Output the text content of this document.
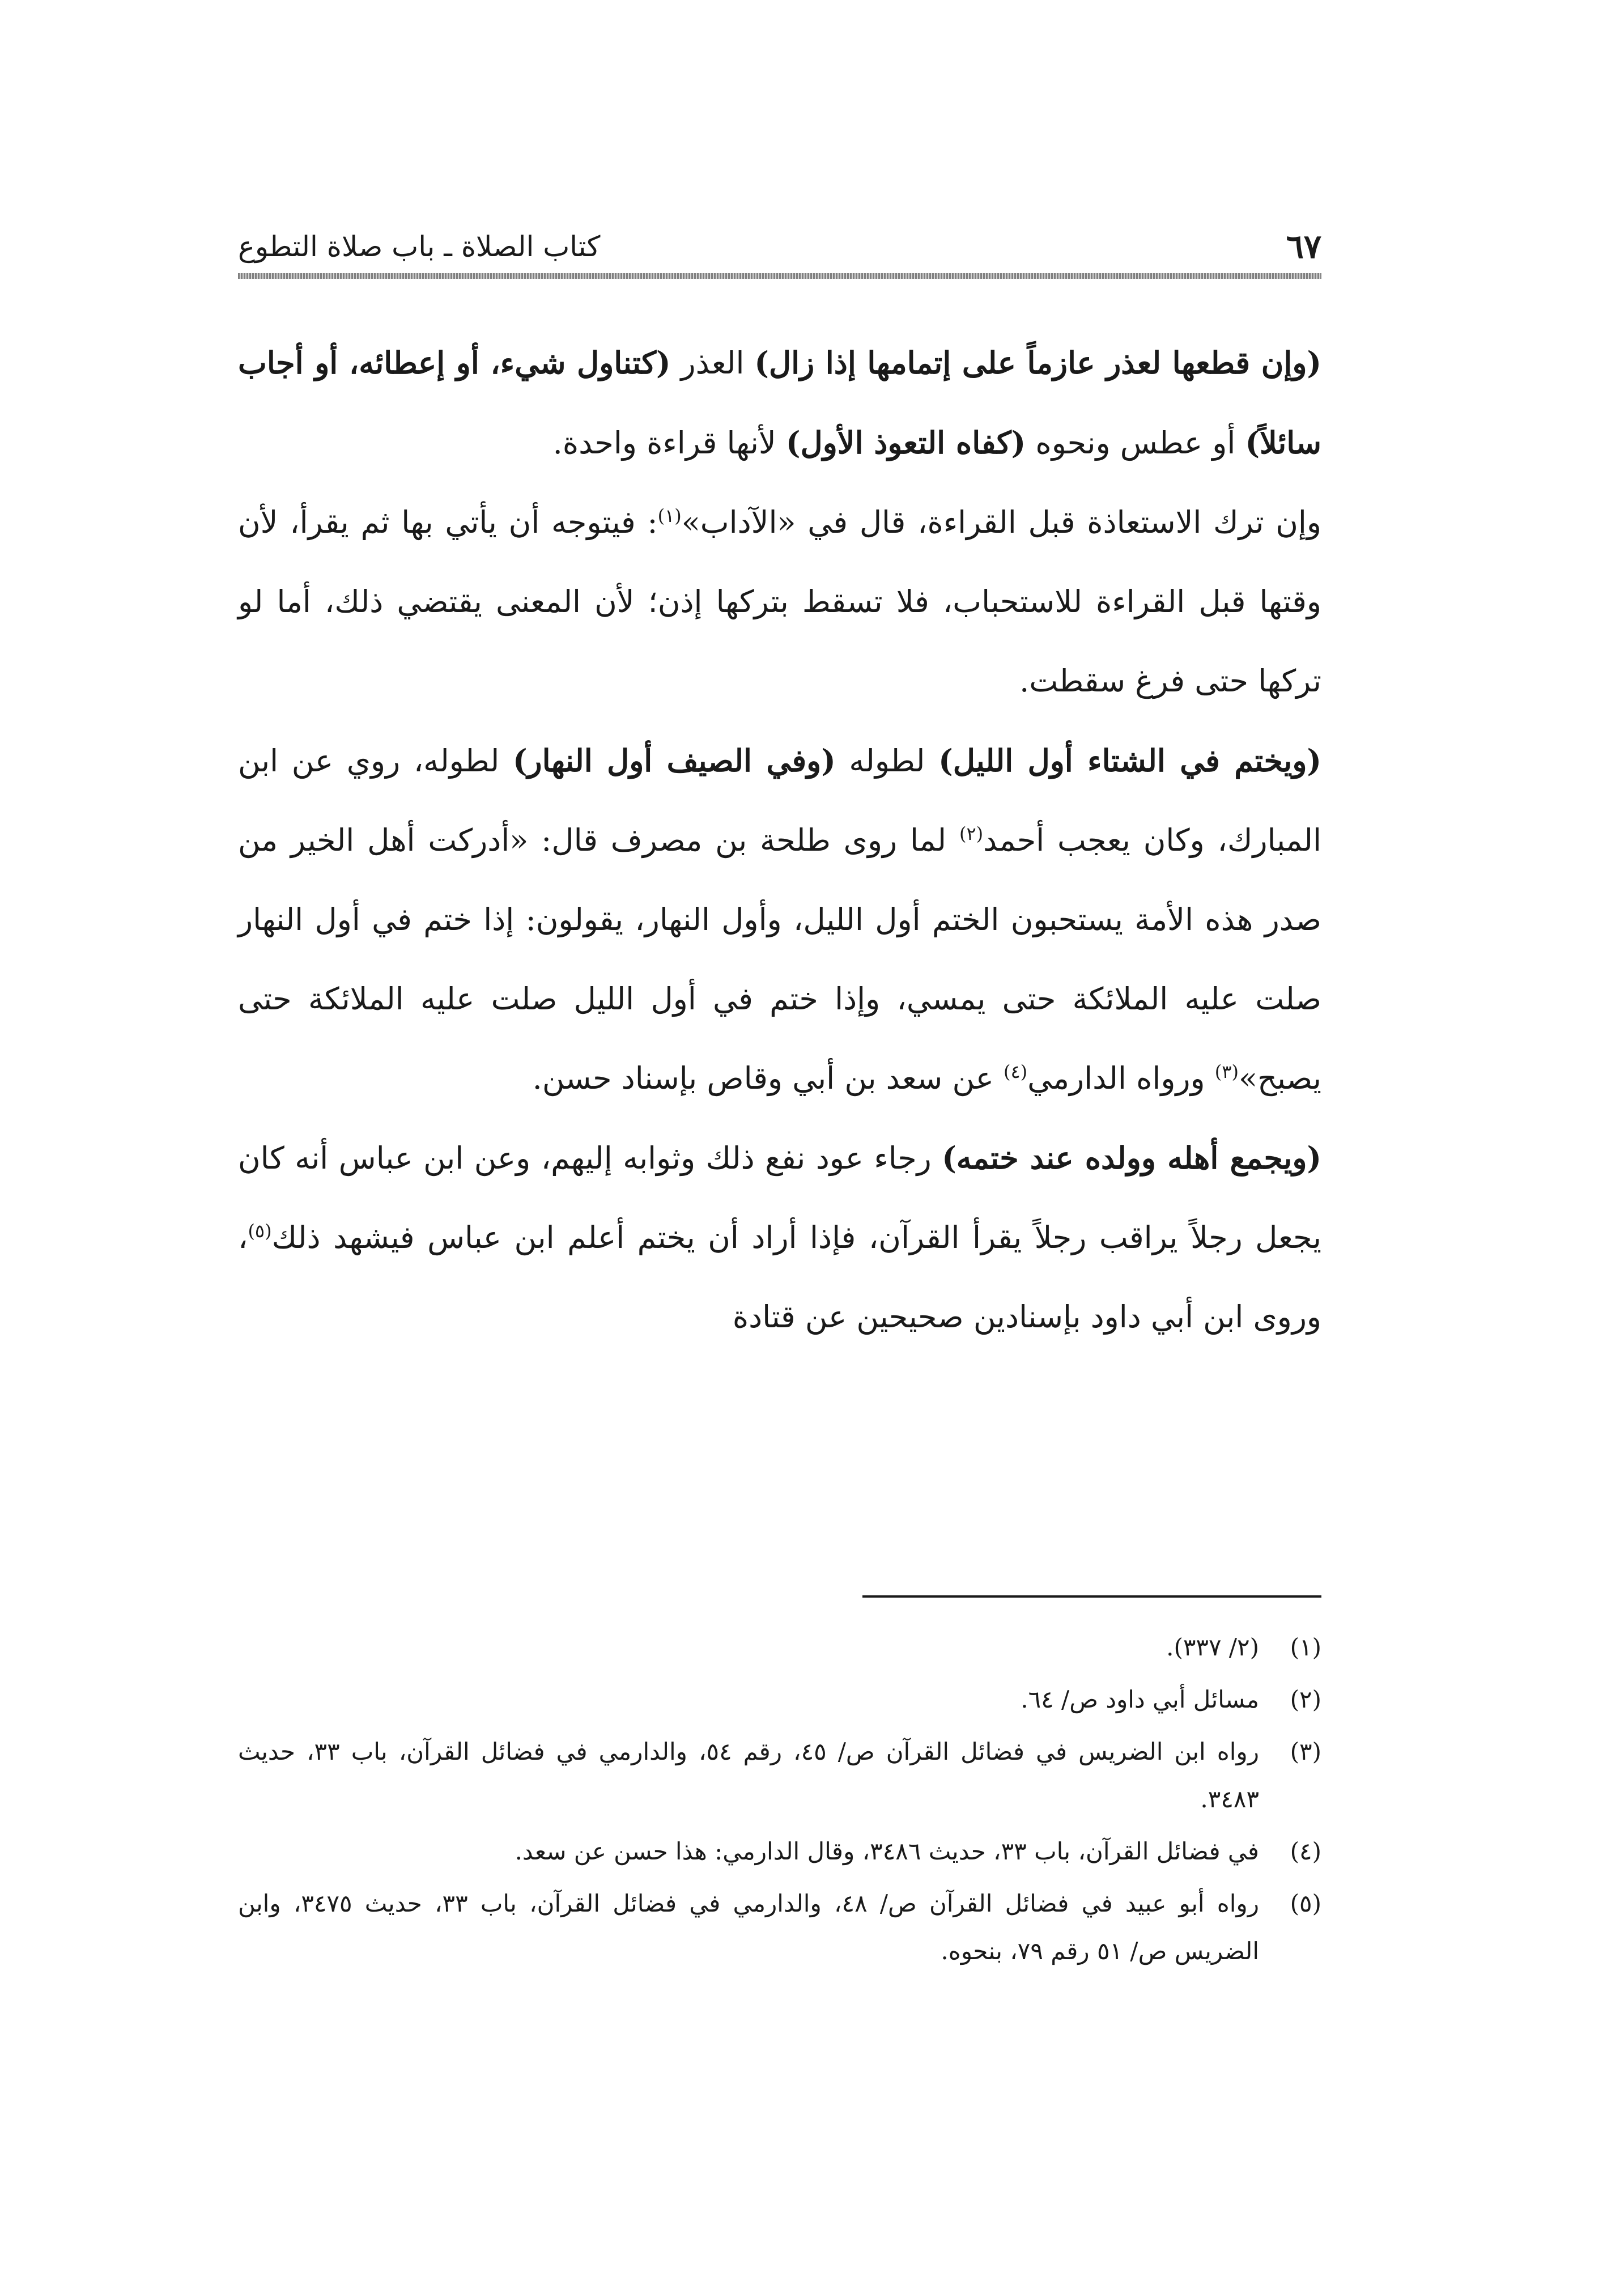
٦٧
كتاب الصلاة ـ باب صلاة التطوع

(وإن قطعها لعذر عازماً على إتمامها إذا زال) العذر (كتناول شيء، أو إعطائه، أو أجاب سائلاً) أو عطس ونحوه (كفاه التعوذ الأول) لأنها قراءة واحدة.

وإن ترك الاستعاذة قبل القراءة، قال في «الآداب»$^{(١)}$: فيتوجه أن يأتي بها ثم يقرأ، لأن وقتها قبل القراءة للاستحباب، فلا تسقط بتركها إذن؛ لأن المعنى يقتضي ذلك، أما لو تركها حتى فرغ سقطت.

(ويختم في الشتاء أول الليل) لطوله (وفي الصيف أول النهار) لطوله، روي عن ابن المبارك، وكان يعجب أحمد$^{(٢)}$ لما روى طلحة بن مصرف قال: «أدركت أهل الخير من صدر هذه الأمة يستحبون الختم أول الليل، وأول النهار، يقولون: إذا ختم في أول النهار صلت عليه الملائكة حتى يمسي، وإذا ختم في أول الليل صلت عليه الملائكة حتى يصبح»$^{(٣)}$ ورواه الدارمي$^{(٤)}$ عن سعد بن أبي وقاص بإسناد حسن.

(ويجمع أهله وولده عند ختمه) رجاء عود نفع ذلك وثوابه إليهم، وعن ابن عباس أنه كان يجعل رجلاً يراقب رجلاً يقرأ القرآن، فإذا أراد أن يختم أعلم ابن عباس فيشهد ذلك$^{(٥)}$، وروى ابن أبي داود بإسنادين صحيحين عن قتادة

(١)
(٢/ ٣٣٧).
(٢)
مسائل أبي داود ص/ ٦٤.
(٣)
رواه ابن الضريس في فضائل القرآن ص/ ٤٥، رقم ٥٤، والدارمي في فضائل القرآن، باب ٣٣، حديث ٣٤٨٣.
(٤)
في فضائل القرآن، باب ٣٣، حديث ٣٤٨٦، وقال الدارمي: هذا حسن عن سعد.
(٥)
رواه أبو عبيد في فضائل القرآن ص/ ٤٨، والدارمي في فضائل القرآن، باب ٣٣، حديث ٣٤٧٥، وابن الضريس ص/ ٥١ رقم ٧٩، بنحوه.
